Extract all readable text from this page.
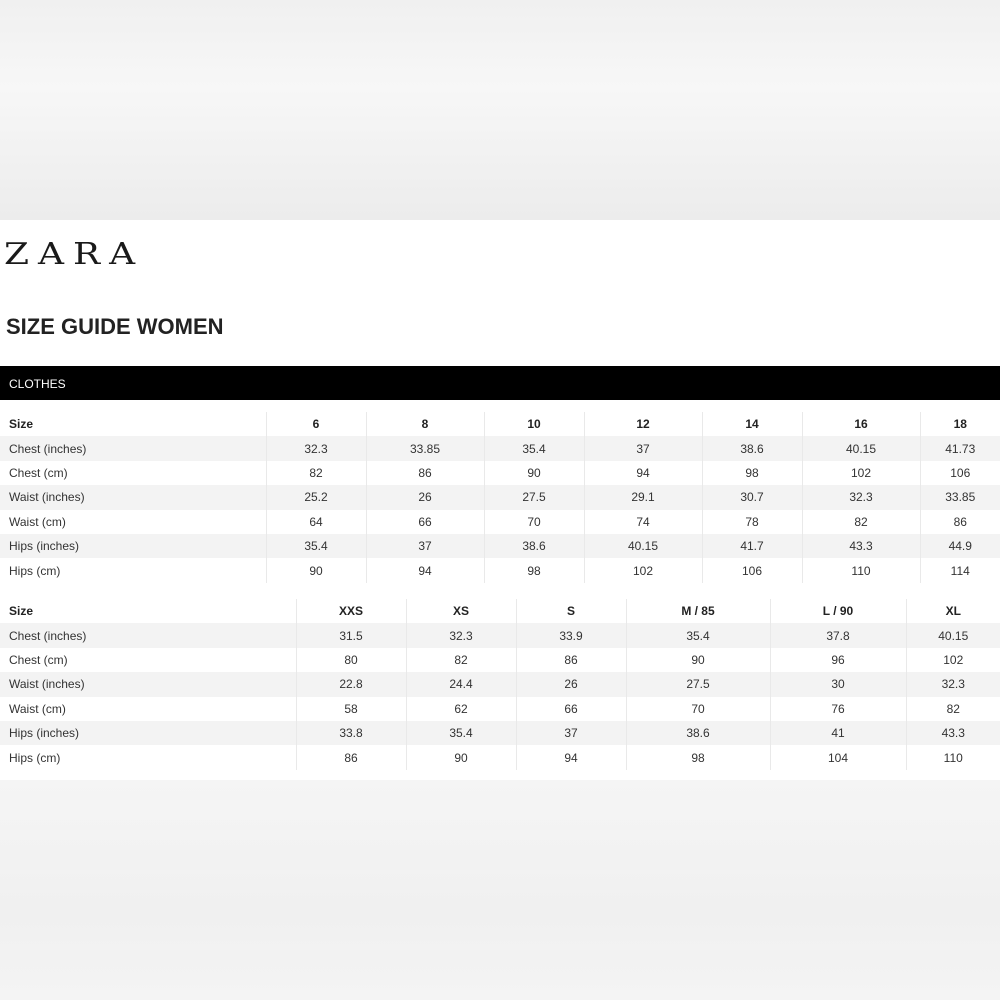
ZARA
SIZE GUIDE WOMEN
CLOTHES
Size	6	8	10	12	14	16	18
Chest (inches)	32.3	33.85	35.4	37	38.6	40.15	41.73
Chest (cm)	82	86	90	94	98	102	106
Waist (inches)	25.2	26	27.5	29.1	30.7	32.3	33.85
Waist (cm)	64	66	70	74	78	82	86
Hips (inches)	35.4	37	38.6	40.15	41.7	43.3	44.9
Hips (cm)	90	94	98	102	106	110	114
Size	XXS	XS	S	M / 85	L / 90	XL
Chest (inches)	31.5	32.3	33.9	35.4	37.8	40.15
Chest (cm)	80	82	86	90	96	102
Waist (inches)	22.8	24.4	26	27.5	30	32.3
Waist (cm)	58	62	66	70	76	82
Hips (inches)	33.8	35.4	37	38.6	41	43.3
Hips (cm)	86	90	94	98	104	110
